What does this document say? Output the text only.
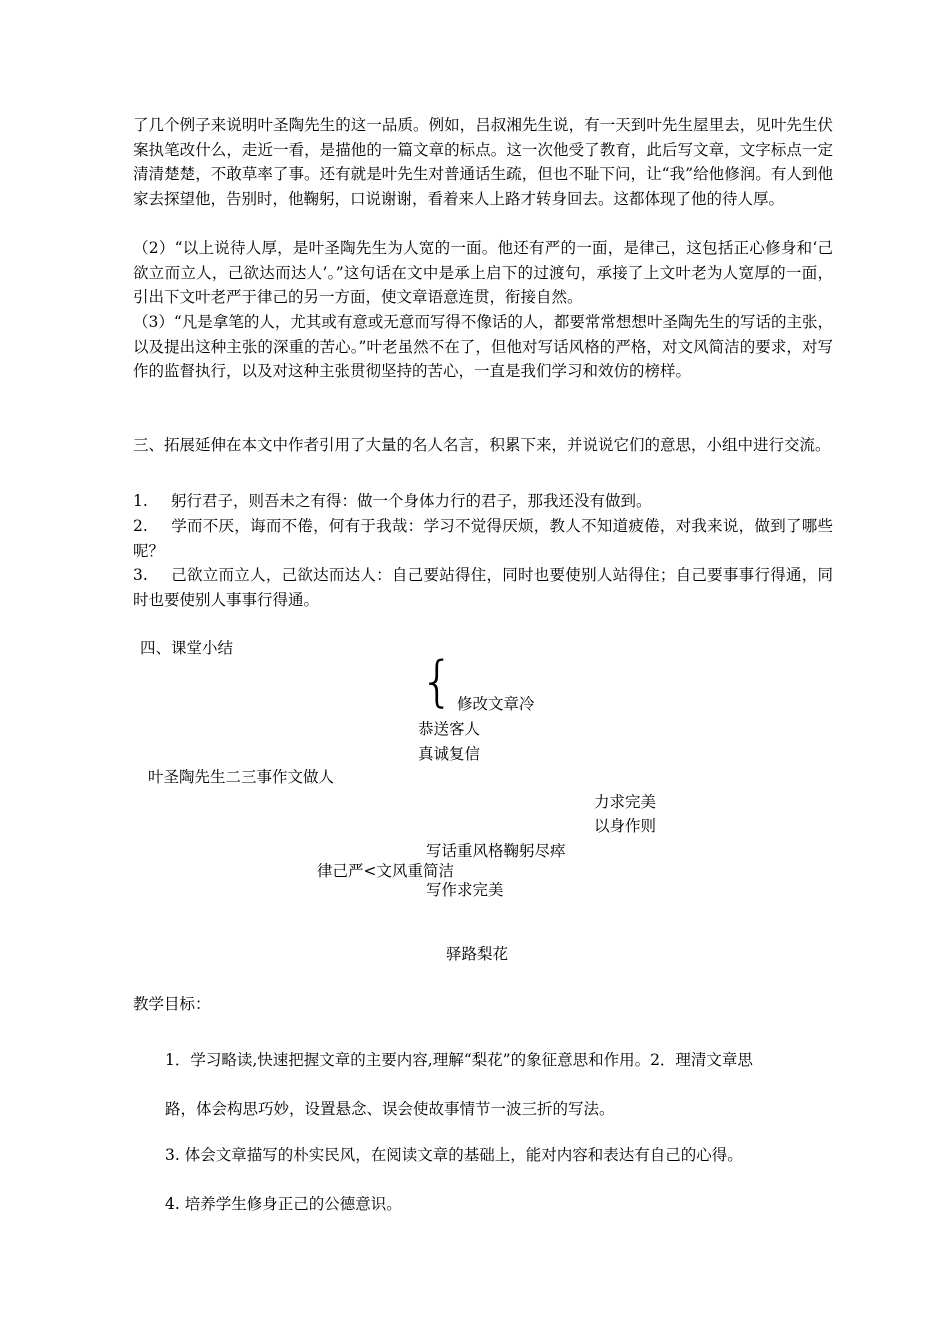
了几个例子来说明叶圣陶先生的这一品质。例如，吕叔湘先生说，有一天到叶先生屋里去，见叶先生伏案执笔改什么，走近一看，是描他的一篇文章的标点。这一次他受了教育，此后写文章，文字标点一定清清楚楚，不敢草率了事。还有就是叶先生对普通话生疏，但也不耻下问，让“我”给他修润。有人到他家去探望他，告别时，他鞠躬，口说谢谢，看着来人上路才转身回去。这都体现了他的待人厚。

（2）“以上说待人厚，是叶圣陶先生为人宽的一面。他还有严的一面，是律己，这包括正心修身和‘己欲立而立人，己欲达而达人’。”这句话在文中是承上启下的过渡句，承接了上文叶老为人宽厚的一面，引出下文叶老严于律己的另一方面，使文章语意连贯，衔接自然。

（3）“凡是拿笔的人，尤其或有意或无意而写得不像话的人，都要常常想想叶圣陶先生的写话的主张，以及提出这种主张的深重的苦心。”叶老虽然不在了，但他对写话风格的严格，对文风简洁的要求，对写作的监督执行，以及对这种主张贯彻坚持的苦心，一直是我们学习和效仿的榜样。

三、拓展延伸在本文中作者引用了大量的名人名言，积累下来，并说说它们的意思，小组中进行交流。

1. 躬行君子，则吾未之有得：做一个身体力行的君子，那我还没有做到。

2. 学而不厌，诲而不倦，何有于我哉：学习不觉得厌烦，教人不知道疲倦，对我来说，做到了哪些呢？

3. 己欲立而立人，己欲达而达人：自己要站得住，同时也要使别人站得住；自己要事事行得通，同时也要使别人事事行得通。

四、课堂小结
{ 修改文章冷
恭送客人
真诚复信
叶圣陶先生二三事作文做人
力求完美
以身作则
写话重风格鞠躬尽瘁
律己严<文风重简洁
写作求完美
驿路梨花
教学目标：
1．学习略读,快速把握文章的主要内容,理解“梨花”的象征意思和作用。2．理清文章思
路，体会构思巧妙，设置悬念、误会使故事情节一波三折的写法。
3. 体会文章描写的朴实民风，在阅读文章的基础上，能对内容和表达有自己的心得。
4. 培养学生修身正己的公德意识。
